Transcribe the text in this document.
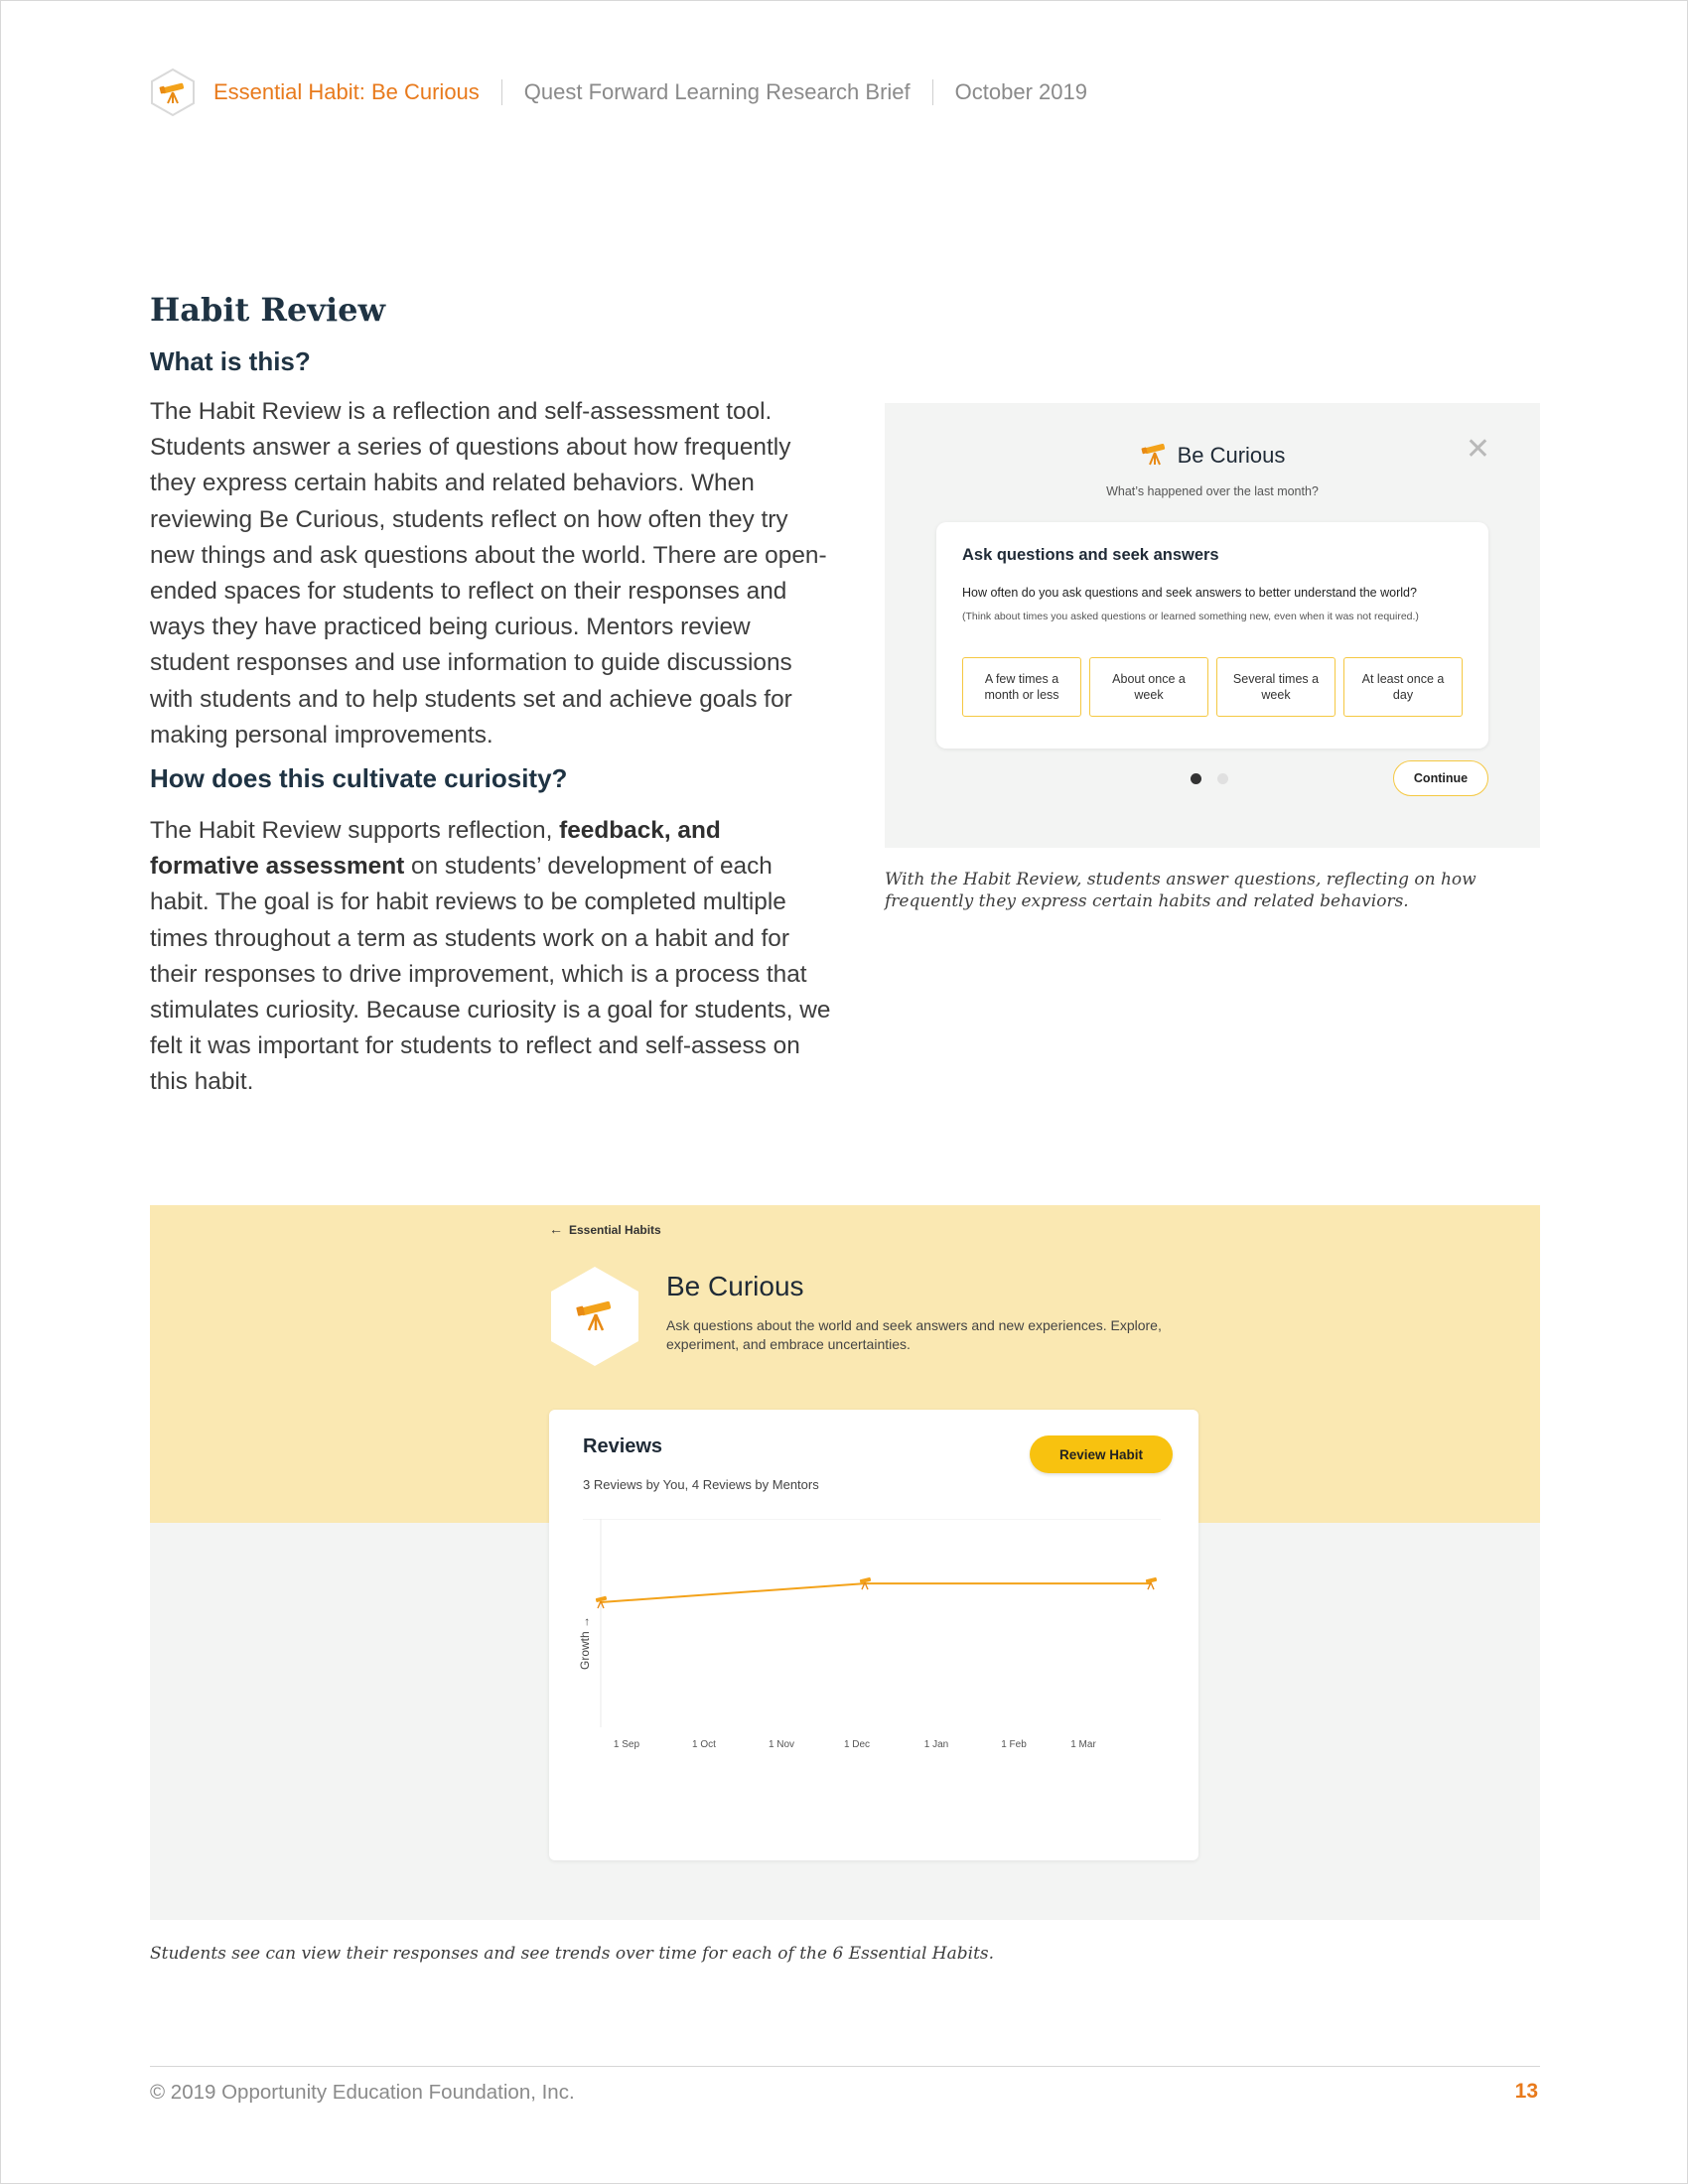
Essential Habit: Be Curious Quest Forward Learning Research Brief October 2019
Habit Review
What is this?
The Habit Review is a reflection and self-assessment tool. Students answer a series of questions about how frequently they express certain habits and related behaviors. When reviewing Be Curious, students reflect on how often they try new things and ask questions about the world. There are open-ended spaces for students to reflect on their responses and ways they have practiced being curious. Mentors review student responses and use information to guide discussions with students and to help students set and achieve goals for making personal improvements.
How does this cultivate curiosity?
The Habit Review supports reflection, feedback, and formative assessment on students’ development of each habit. The goal is for habit reviews to be completed multiple times throughout a term as students work on a habit and for their responses to drive improvement, which is a process that stimulates curiosity. Because curiosity is a goal for students, we felt it was important for students to reflect and self-assess on this habit.
Be Curious	✕
What’s happened over the last month?
Ask questions and seek answers
How often do you ask questions and seek answers to better understand the world?
(Think about times you asked questions or learned something new, even when it was not required.)
A few times a month or less
About once a week
Several times a week
At least once a day
Continue
With the Habit Review, students answer questions, reflecting on how frequently they express certain habits and related behaviors.
← Essential Habits
Be Curious
Ask questions about the world and seek answers and new experiences. Explore, experiment, and embrace uncertainties.
Reviews
3 Reviews by You, 4 Reviews by Mentors
Review Habit
Growth →
1 Sep	1 Oct	1 Nov	1 Dec	1 Jan	1 Feb	1 Mar
Students see can view their responses and see trends over time for each of the 6 Essential Habits.
© 2019 Opportunity Education Foundation, Inc.	13
